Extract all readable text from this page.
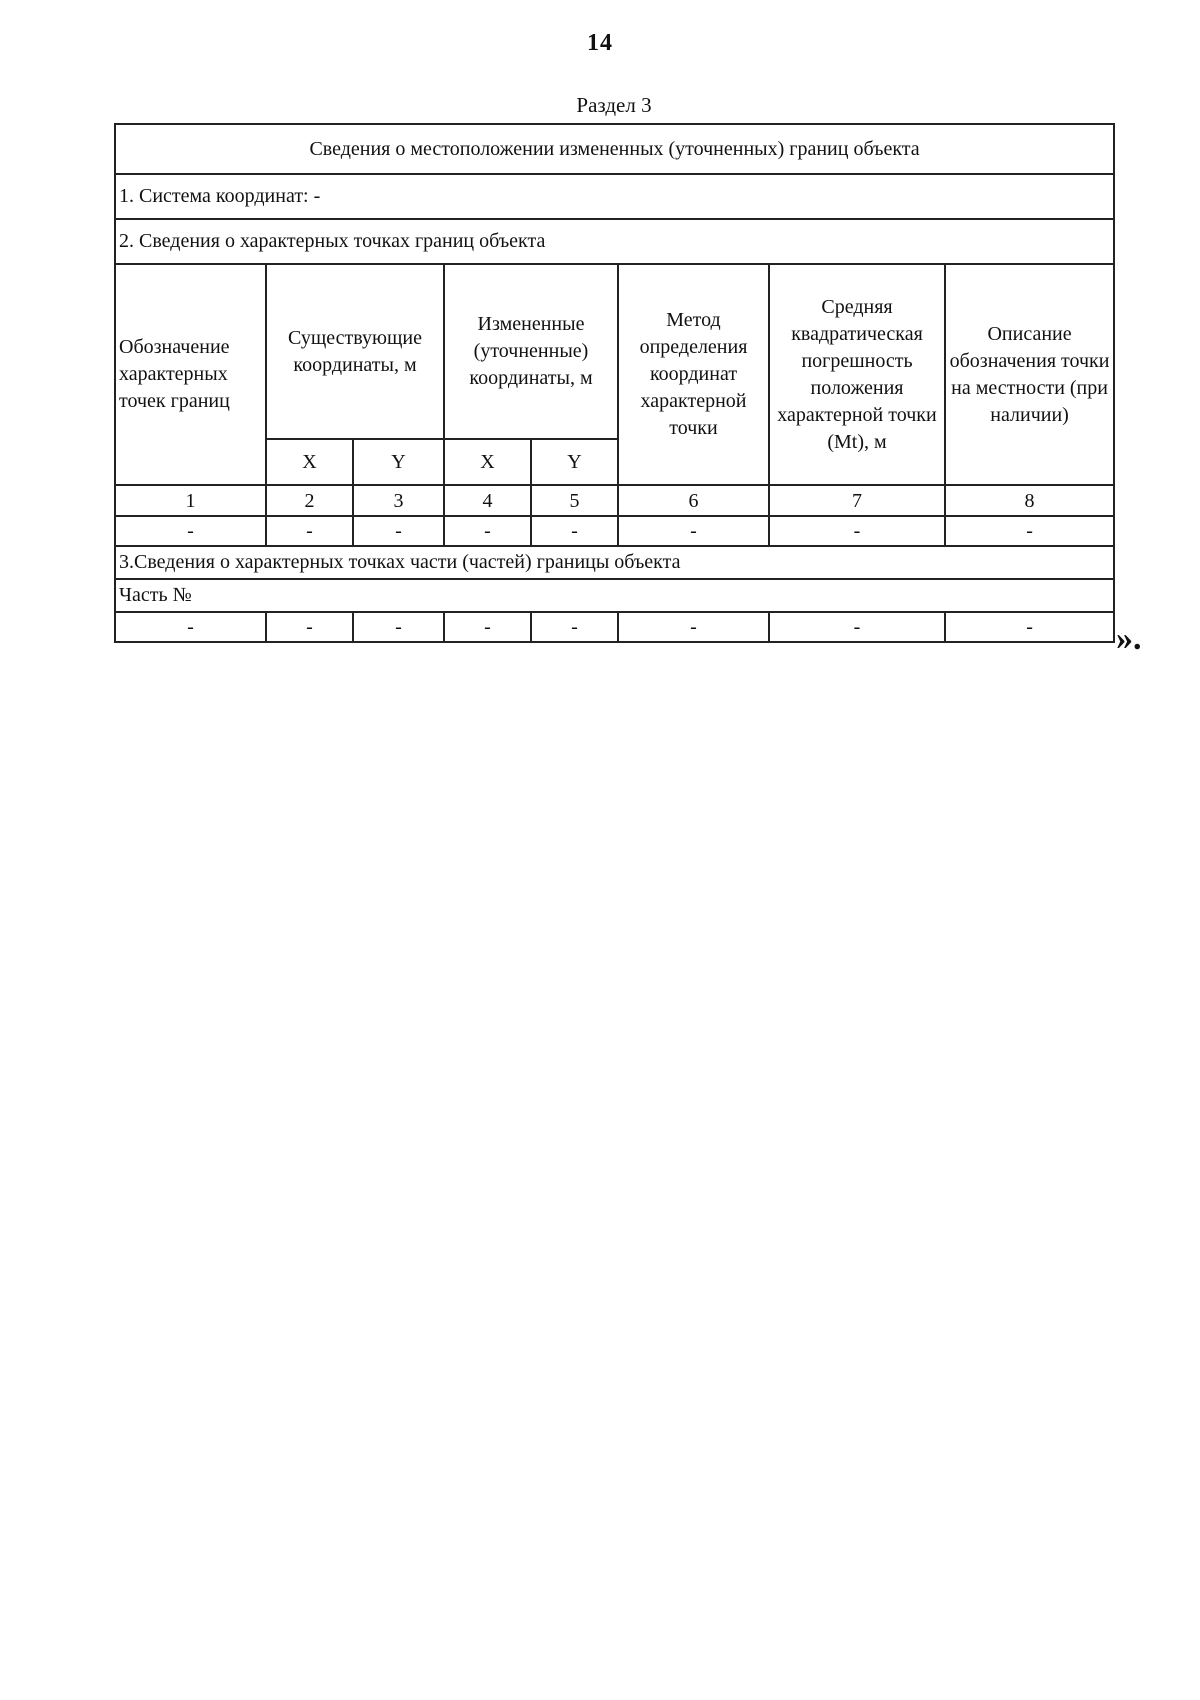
14
Раздел 3
Сведения о местоположении измененных (уточненных) границ объекта							
1. Система координат: -							
2. Сведения о характерных точках границ объекта							
Обозначение характерных точек границ	Существующие координаты, м		Измененные (уточненные) координаты, м		Метод определения координат характерной точки	Средняя квадратическая погрешность положения характерной точки (Mt), м	Описание обозначения точки на местности (при наличии)
	X	Y	X	Y			
1	2	3	4	5	6	7	8
-	-	-	-	-	-	-	-
3.Сведения о характерных точках части (частей) границы объекта							
Часть №							
-	-	-	-	-	-	-	- ».
